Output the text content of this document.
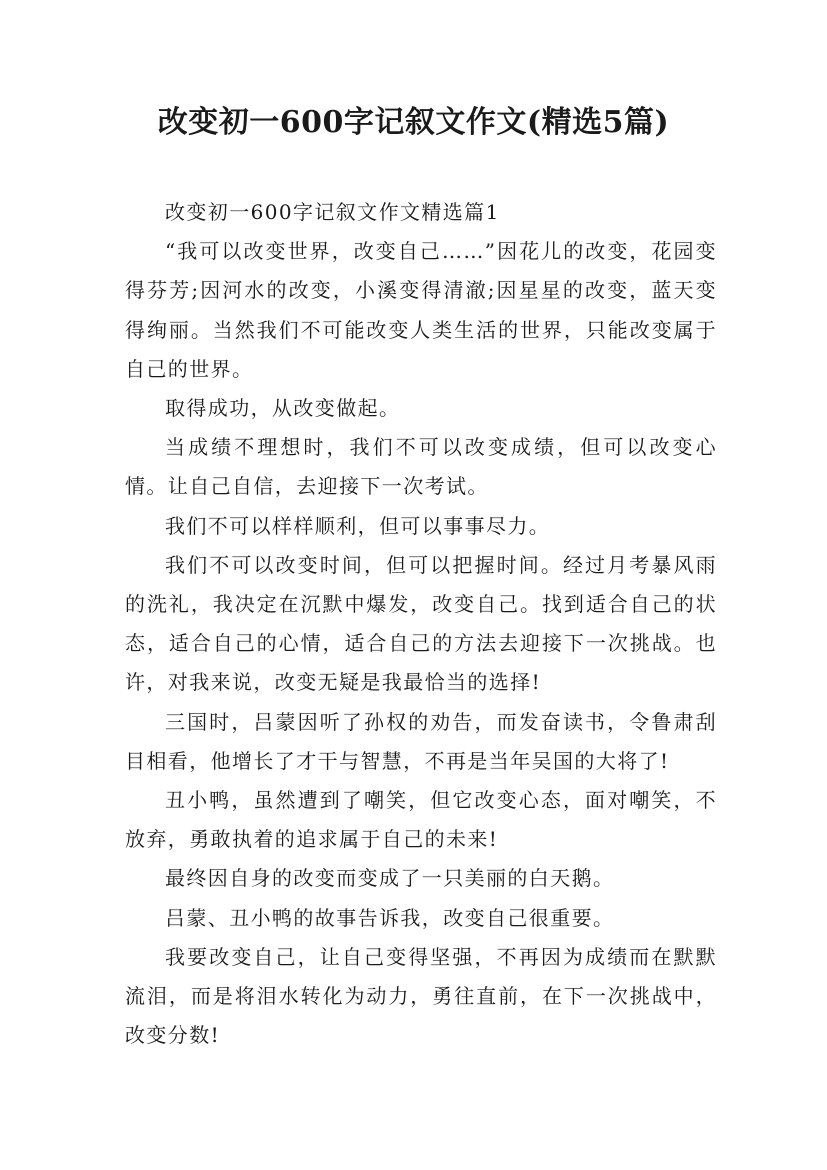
改变初一600字记叙文作文(精选5篇)

改变初一600字记叙文作文精选篇1

“我可以改变世界，改变自己……”因花儿的改变，花园变得芬芳;因河水的改变，小溪变得清澈;因星星的改变，蓝天变得绚丽。当然我们不可能改变人类生活的世界，只能改变属于自己的世界。

取得成功，从改变做起。

当成绩不理想时，我们不可以改变成绩，但可以改变心情。让自己自信，去迎接下一次考试。

我们不可以样样顺利，但可以事事尽力。

我们不可以改变时间，但可以把握时间。经过月考暴风雨的洗礼，我决定在沉默中爆发，改变自己。找到适合自己的状态，适合自己的心情，适合自己的方法去迎接下一次挑战。也许，对我来说，改变无疑是我最恰当的选择!

三国时，吕蒙因听了孙权的劝告，而发奋读书，令鲁肃刮目相看，他增长了才干与智慧，不再是当年吴国的大将了!

丑小鸭，虽然遭到了嘲笑，但它改变心态，面对嘲笑，不放弃，勇敢执着的追求属于自己的未来!

最终因自身的改变而变成了一只美丽的白天鹅。

吕蒙、丑小鸭的故事告诉我，改变自己很重要。

我要改变自己，让自己变得坚强，不再因为成绩而在默默流泪，而是将泪水转化为动力，勇往直前，在下一次挑战中，改变分数!
